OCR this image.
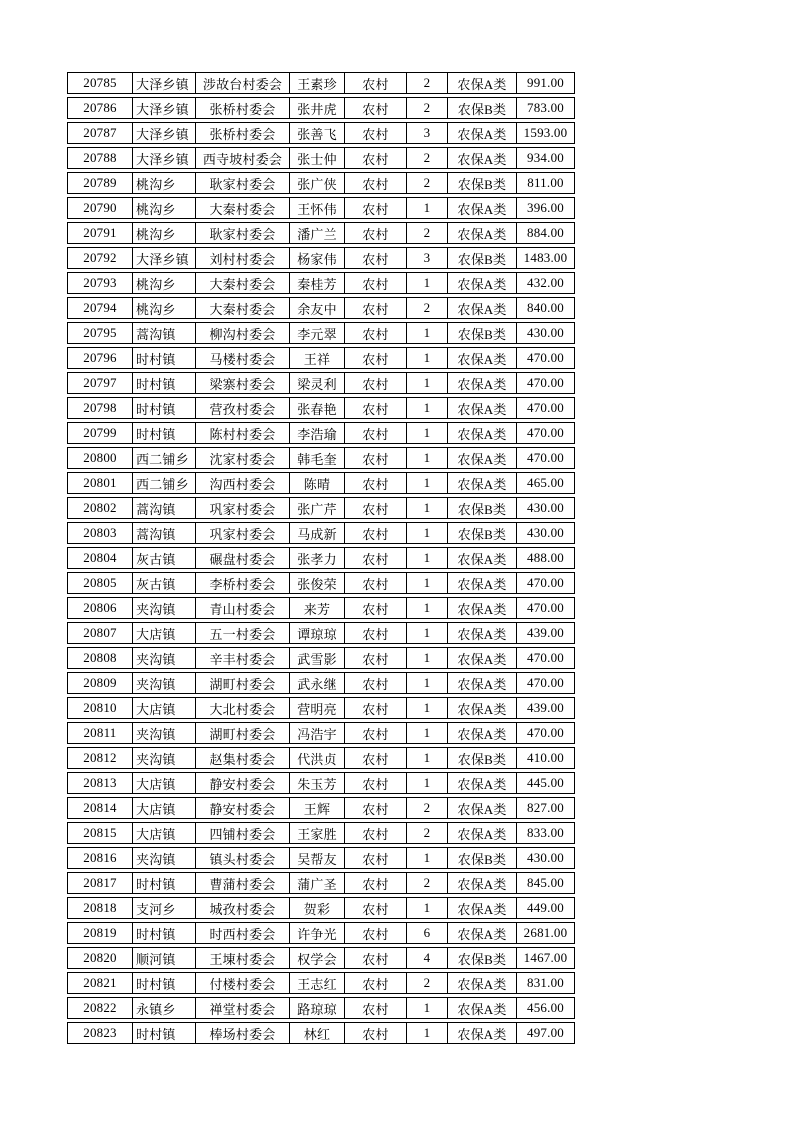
20785	大泽乡镇	涉故台村委会	王素珍	农村	2	农保A类	991.00
20786	大泽乡镇	张桥村委会	张井虎	农村	2	农保B类	783.00
20787	大泽乡镇	张桥村委会	张善飞	农村	3	农保A类	1593.00
20788	大泽乡镇	西寺坡村委会	张士仲	农村	2	农保A类	934.00
20789	桃沟乡	耿家村委会	张广侠	农村	2	农保B类	811.00
20790	桃沟乡	大秦村委会	王怀伟	农村	1	农保A类	396.00
20791	桃沟乡	耿家村委会	潘广兰	农村	2	农保A类	884.00
20792	大泽乡镇	刘村村委会	杨家伟	农村	3	农保B类	1483.00
20793	桃沟乡	大秦村委会	秦桂芳	农村	1	农保A类	432.00
20794	桃沟乡	大秦村委会	余友中	农村	2	农保A类	840.00
20795	蒿沟镇	柳沟村委会	李元翠	农村	1	农保B类	430.00
20796	时村镇	马楼村委会	王祥	农村	1	农保A类	470.00
20797	时村镇	梁寨村委会	梁灵利	农村	1	农保A类	470.00
20798	时村镇	营孜村委会	张春艳	农村	1	农保A类	470.00
20799	时村镇	陈村村委会	李浩瑜	农村	1	农保A类	470.00
20800	西二铺乡	沈家村委会	韩毛奎	农村	1	农保A类	470.00
20801	西二铺乡	沟西村委会	陈晴	农村	1	农保A类	465.00
20802	蒿沟镇	巩家村委会	张广芹	农村	1	农保B类	430.00
20803	蒿沟镇	巩家村委会	马成新	农村	1	农保B类	430.00
20804	灰古镇	碾盘村委会	张孝力	农村	1	农保A类	488.00
20805	灰古镇	李桥村委会	张俊荣	农村	1	农保A类	470.00
20806	夹沟镇	青山村委会	来芳	农村	1	农保A类	470.00
20807	大店镇	五一村委会	谭琼琼	农村	1	农保A类	439.00
20808	夹沟镇	辛丰村委会	武雪影	农村	1	农保A类	470.00
20809	夹沟镇	湖町村委会	武永继	农村	1	农保A类	470.00
20810	大店镇	大北村委会	营明亮	农村	1	农保A类	439.00
20811	夹沟镇	湖町村委会	冯浩宇	农村	1	农保A类	470.00
20812	夹沟镇	赵集村委会	代洪贞	农村	1	农保B类	410.00
20813	大店镇	静安村委会	朱玉芳	农村	1	农保A类	445.00
20814	大店镇	静安村委会	王辉	农村	2	农保A类	827.00
20815	大店镇	四铺村委会	王家胜	农村	2	农保A类	833.00
20816	夹沟镇	镇头村委会	吴帮友	农村	1	农保B类	430.00
20817	时村镇	曹蒲村委会	蒲广圣	农村	2	农保A类	845.00
20818	支河乡	城孜村委会	贺彩	农村	1	农保A类	449.00
20819	时村镇	时西村委会	许争光	农村	6	农保A类	2681.00
20820	顺河镇	王埬村委会	权学会	农村	4	农保B类	1467.00
20821	时村镇	付楼村委会	王志红	农村	2	农保A类	831.00
20822	永镇乡	禅堂村委会	路琼琼	农村	1	农保A类	456.00
20823	时村镇	棒场村委会	林红	农村	1	农保A类	497.00
